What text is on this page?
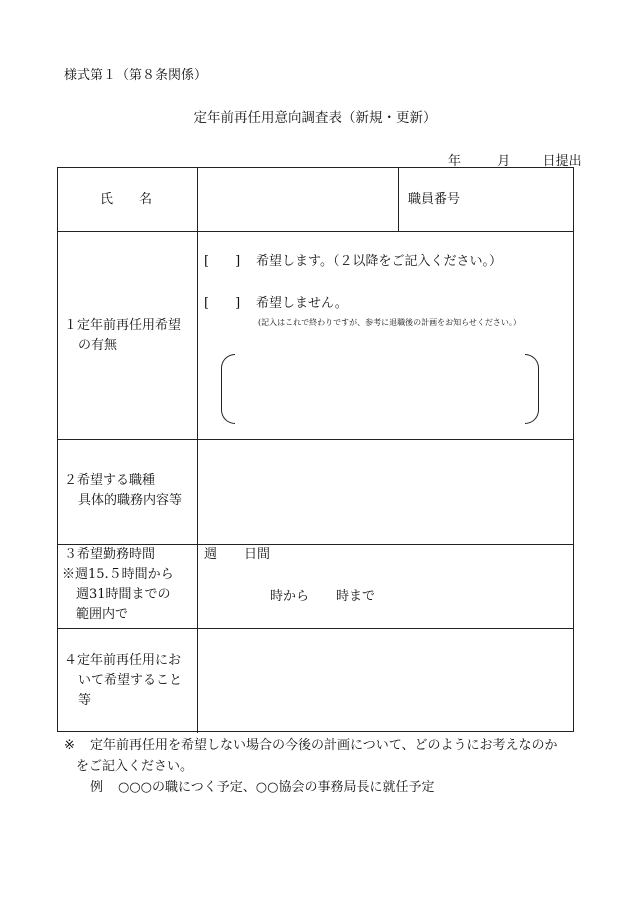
様式第１（第８条関係）
定年前再任用意向調査表（新規・更新）
年	月 日提出
氏　　名	職員番号
１定年前再任用希望
の有無
[　　] 希望します。（２以降をご記入ください。）
[　　] 希望しません。
(記入はこれで終わりですが、参考に退職後の計画をお知らせください。）
２希望する職種
具体的職務内容等
３希望勤務時間
※週15.５時間から
週31時間までの
範囲内で
週 日間
時から 時まで
４定年前再任用にお
いて希望すること
等
※ 定年前再任用を希望しない場合の今後の計画について、どのようにお考えなのか
をご記入ください。
例 ○○○の職につく予定、○○協会の事務局長に就任予定
